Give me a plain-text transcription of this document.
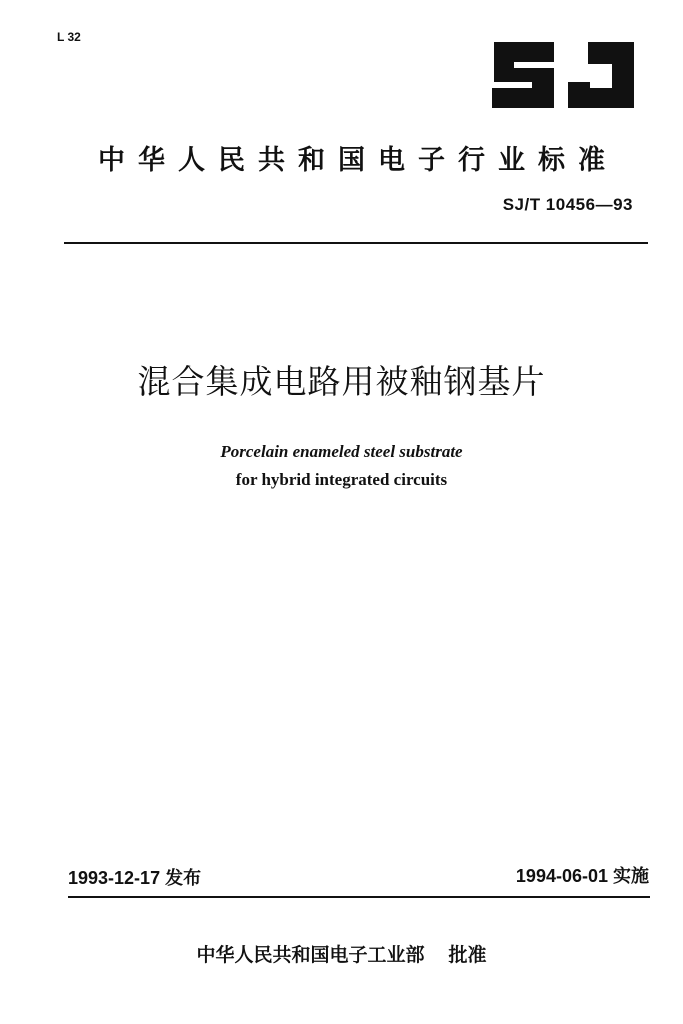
L 32
中华人民共和国电子行业标准
SJ/T 10456—93
混合集成电路用被釉钢基片
Porcelain enameled steel substrate
for hybrid integrated circuits
1993-12-17 发布	1994-06-01 实施
中华人民共和国电子工业部 批准
